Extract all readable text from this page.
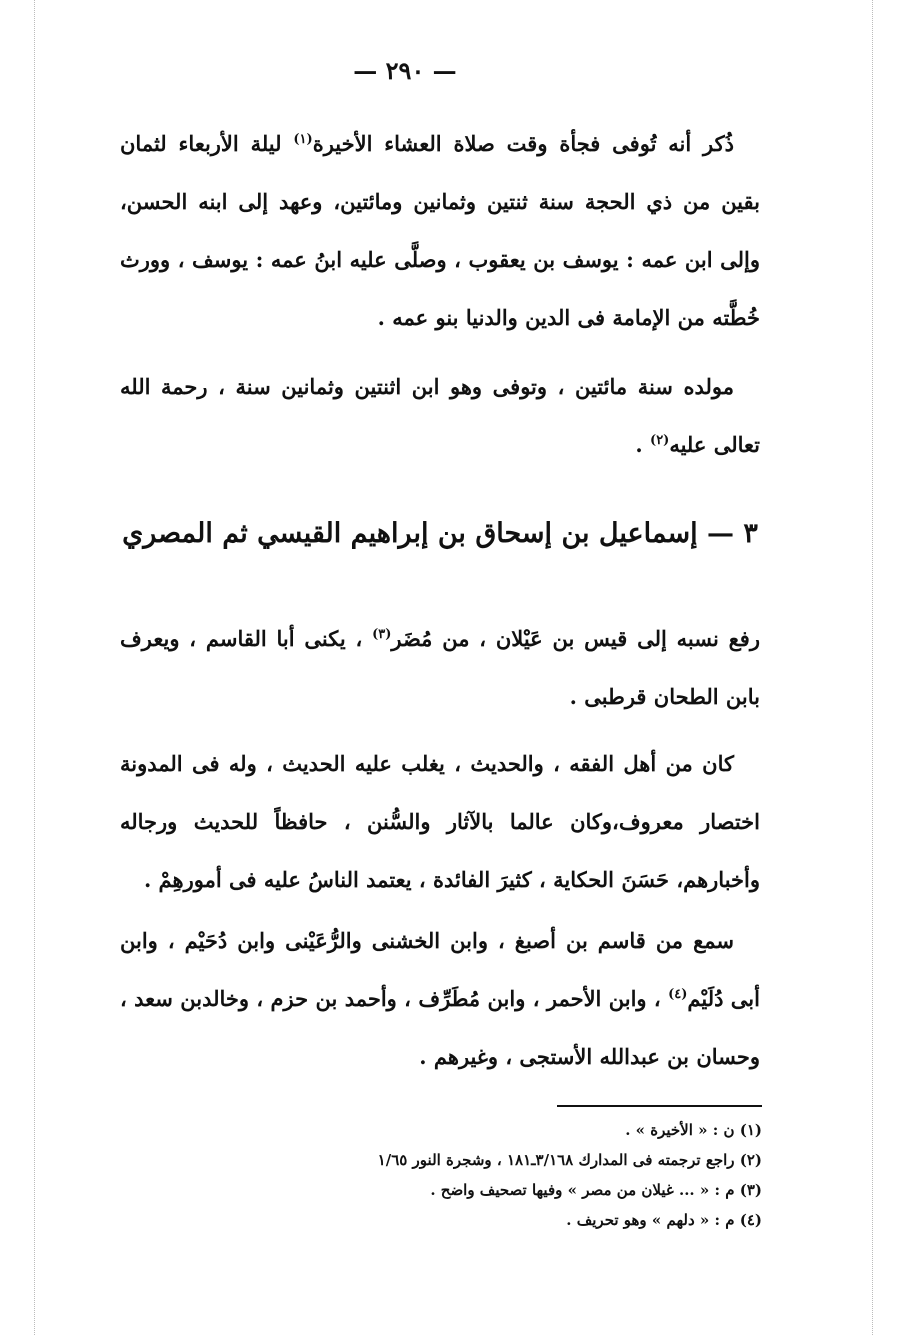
— ٢٩٠ —
ذُكر أنه تُوفى فجأة وقت صلاة العشاء الأخيرة$^{(١)}$ ليلة الأربعاء لثمان بقين من ذي الحجة سنة ثنتين وثمانين ومائتين، وعهد إلى ابنه الحسن، وإلى ابن عمه : يوسف بن يعقوب ، وصلَّى عليه ابنُ عمه : يوسف ، وورث خُطَّته من الإمامة فى الدين والدنيا بنو عمه .
مولده سنة مائتين ، وتوفى وهو ابن اثنتين وثمانين سنة ، رحمة الله تعالى عليه$^{(٢)}$ .
٣ — إسماعيل بن إسحاق بن إبراهيم القيسي ثم المصري
رفع نسبه إلى قيس بن عَيْلان ، من مُضَر$^{(٣)}$ ، يكنى أبا القاسم ، ويعرف بابن الطحان قرطبى .
كان من أهل الفقه ، والحديث ، يغلب عليه الحديث ، وله فى المدونة اختصار معروف،وكان عالما بالآثار والسُّنن ، حافظاً للحديث ورجاله وأخبارهم، حَسَنَ الحكاية ، كثيرَ الفائدة ، يعتمد الناسُ عليه فى أمورهِمْ .
سمع من قاسم بن أصبغ ، وابن الخشنى والرُّعَيْنى وابن دُحَيْم ، وابن أبى دُلَيْم$^{(٤)}$ ، وابن الأحمر ، وابن مُطَرِّف ، وأحمد بن حزم ، وخالدبن سعد ، وحسان بن عبدالله الأستجى ، وغيرهم .
(١) ن : « الأخيرة » .
(٢) راجع ترجمته فى المدارك ٣/١٦٨ـ١٨١ ، وشجرة النور ١/٦٥
(٣) م : « ... غيلان من مصر » وفيها تصحيف واضح .
(٤) م : « دلهم » وهو تحريف .
